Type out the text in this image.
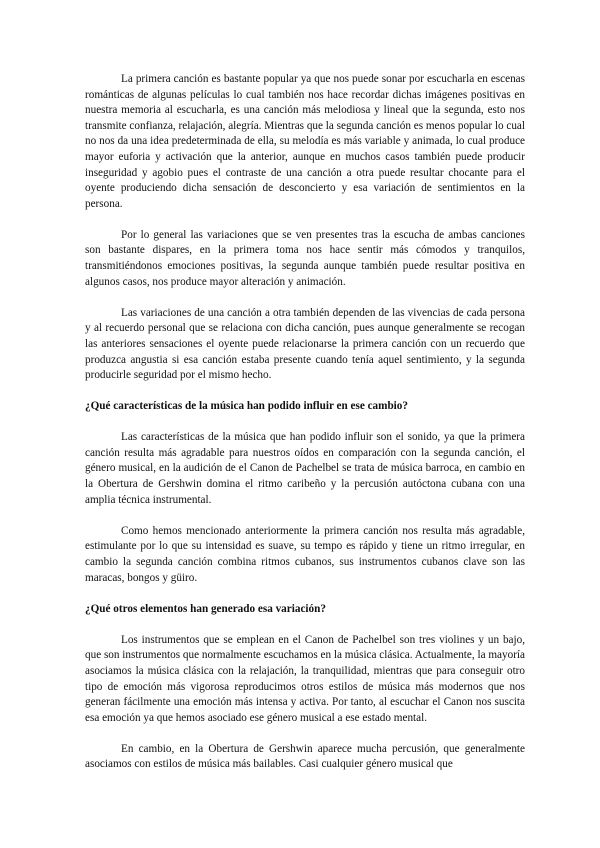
La primera canción es bastante popular ya que nos puede sonar por escucharla en escenas románticas de algunas películas lo cual también nos hace recordar dichas imágenes positivas en nuestra memoria al escucharla, es una canción más melodiosa y lineal que la segunda, esto nos transmite confianza, relajación, alegría. Mientras que la segunda canción es menos popular lo cual no nos da una idea predeterminada de ella, su melodía es más variable y animada, lo cual produce mayor euforia y activación que la anterior, aunque en muchos casos también puede producir inseguridad y agobio pues el contraste de una canción a otra puede resultar chocante para el oyente produciendo dicha sensación de desconcierto y esa variación de sentimientos en la persona.

Por lo general las variaciones que se ven presentes tras la escucha de ambas canciones son bastante dispares, en la primera toma nos hace sentir más cómodos y tranquilos, transmitiéndonos emociones positivas, la segunda aunque también puede resultar positiva en algunos casos, nos produce mayor alteración y animación.

Las variaciones de una canción a otra también dependen de las vivencias de cada persona y al recuerdo personal que se relaciona con dicha canción, pues aunque generalmente se recogan las anteriores sensaciones el oyente puede relacionarse la primera canción con un recuerdo que produzca angustia si esa canción estaba presente cuando tenía aquel sentimiento, y la segunda producirle seguridad por el mismo hecho.

¿Qué características de la música han podido influir en ese cambio?

Las características de la música que han podido influir son el sonido, ya que la primera canción resulta más agradable para nuestros oídos en comparación con la segunda canción, el género musical, en la audición de el Canon de Pachelbel se trata de música barroca, en cambio en la Obertura de Gershwin domina el ritmo caribeño y la percusión autóctona cubana con una amplia técnica instrumental.

Como hemos mencionado anteriormente la primera canción nos resulta más agradable, estimulante por lo que su intensidad es suave, su tempo es rápido y tiene un ritmo irregular, en cambio la segunda canción combina ritmos cubanos, sus instrumentos cubanos clave son las maracas, bongos y güiro.

¿Qué otros elementos han generado esa variación?

Los instrumentos que se emplean en el Canon de Pachelbel son tres violines y un bajo, que son instrumentos que normalmente escuchamos en la música clásica. Actualmente, la mayoría asociamos la música clásica con la relajación, la tranquilidad, mientras que para conseguir otro tipo de emoción más vigorosa reproducimos otros estilos de música más modernos que nos generan fácilmente una emoción más intensa y activa. Por tanto, al escuchar el Canon nos suscita esa emoción ya que hemos asociado ese género musical a ese estado mental.

En cambio, en la Obertura de Gershwin aparece mucha percusión, que generalmente asociamos con estilos de música más bailables. Casi cualquier género musical que
